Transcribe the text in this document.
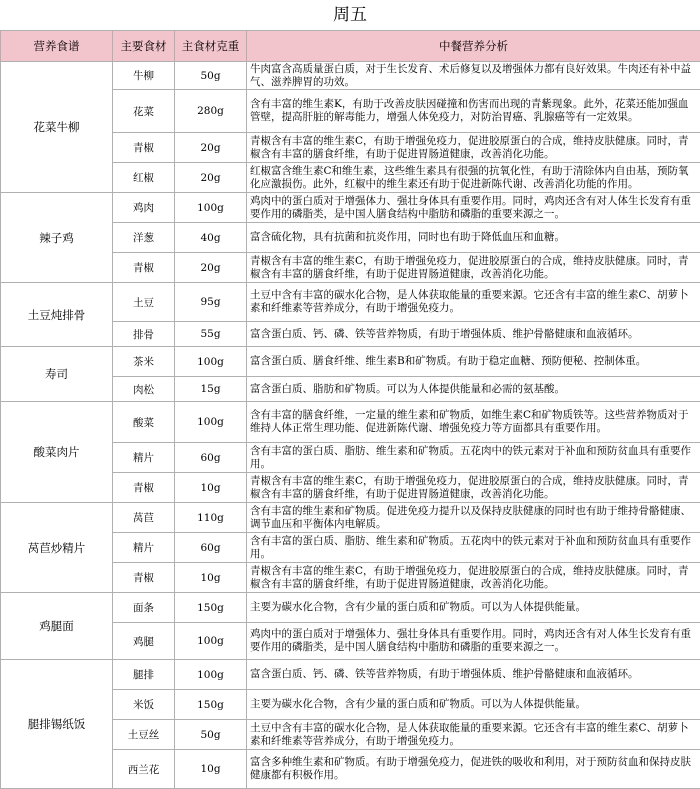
周五
营养食谱	主要食材	主食材克重	中餐营养分析
花菜牛柳	牛柳	50g	牛肉富含高质量蛋白质，对于生长发育、术后修复以及增强体力都有良好效果。牛肉还有补中益气、滋养脾胃的功效。
	花菜	280g	含有丰富的维生素K，有助于改善皮肤因碰撞和伤害而出现的青紫现象。此外，花菜还能加强血管壁，提高肝脏的解毒能力，增强人体免疫力，对防治胃癌、乳腺癌等有一定效果。
	青椒	20g	青椒含有丰富的维生素C，有助于增强免疫力，促进胶原蛋白的合成，维持皮肤健康。同时，青椒含有丰富的膳食纤维，有助于促进胃肠道健康，改善消化功能。
	红椒	20g	红椒富含维生素C和维生素，这些维生素具有很强的抗氧化性，有助于清除体内自由基，预防氧化应激损伤。此外，红椒中的维生素还有助于促进新陈代谢、改善消化功能的作用。
辣子鸡	鸡肉	100g	鸡肉中的蛋白质对于增强体力、强壮身体具有重要作用。同时，鸡肉还含有对人体生长发育有重要作用的磷脂类，是中国人膳食结构中脂肪和磷脂的重要来源之一。
	洋葱	40g	富含硫化物，具有抗菌和抗炎作用，同时也有助于降低血压和血糖。
	青椒	20g	青椒含有丰富的维生素C，有助于增强免疫力，促进胶原蛋白的合成，维持皮肤健康。同时，青椒含有丰富的膳食纤维，有助于促进胃肠道健康，改善消化功能。
土豆炖排骨	土豆	95g	土豆中含有丰富的碳水化合物，是人体获取能量的重要来源。它还含有丰富的维生素C、胡萝卜素和纤维素等营养成分，有助于增强免疫力。
	排骨	55g	富含蛋白质、钙、磷、铁等营养物质，有助于增强体质、维护骨骼健康和血液循环。
寿司	茶米	100g	富含蛋白质、膳食纤维、维生素B和矿物质。有助于稳定血糖、预防便秘、控制体重。
	肉松	15g	富含蛋白质、脂肪和矿物质。可以为人体提供能量和必需的氨基酸。
酸菜肉片	酸菜	100g	含有丰富的膳食纤维，一定量的维生素和矿物质，如维生素C和矿物质铁等。这些营养物质对于维持人体正常生理功能、促进新陈代谢、增强免疫力等方面都具有重要作用。
	精片	60g	含有丰富的蛋白质、脂肪、维生素和矿物质。五花肉中的铁元素对于补血和预防贫血具有重要作用。
	青椒	10g	青椒含有丰富的维生素C，有助于增强免疫力，促进胶原蛋白的合成，维持皮肤健康。同时，青椒含有丰富的膳食纤维，有助于促进胃肠道健康，改善消化功能。
莴苣炒精片	莴苣	110g	含有丰富的维生素和矿物质。促进免疫力提升以及保持皮肤健康的同时也有助于维持骨骼健康、调节血压和平衡体内电解质。
	精片	60g	含有丰富的蛋白质、脂肪、维生素和矿物质。五花肉中的铁元素对于补血和预防贫血具有重要作用。
	青椒	10g	青椒含有丰富的维生素C，有助于增强免疫力，促进胶原蛋白的合成，维持皮肤健康。同时，青椒含有丰富的膳食纤维，有助于促进胃肠道健康，改善消化功能。
鸡腿面	面条	150g	主要为碳水化合物，含有少量的蛋白质和矿物质。可以为人体提供能量。
	鸡腿	100g	鸡肉中的蛋白质对于增强体力、强壮身体具有重要作用。同时，鸡肉还含有对人体生长发育有重要作用的磷脂类，是中国人膳食结构中脂肪和磷脂的重要来源之一。
腿排锡纸饭	腿排	100g	富含蛋白质、钙、磷、铁等营养物质，有助于增强体质、维护骨骼健康和血液循环。
	米饭	150g	主要为碳水化合物，含有少量的蛋白质和矿物质。可以为人体提供能量。
	土豆丝	50g	土豆中含有丰富的碳水化合物，是人体获取能量的重要来源。它还含有丰富的维生素C、胡萝卜素和纤维素等营养成分，有助于增强免疫力。
	西兰花	10g	富含多种维生素和矿物质。有助于增强免疫力，促进铁的吸收和利用，对于预防贫血和保持皮肤健康都有积极作用。
